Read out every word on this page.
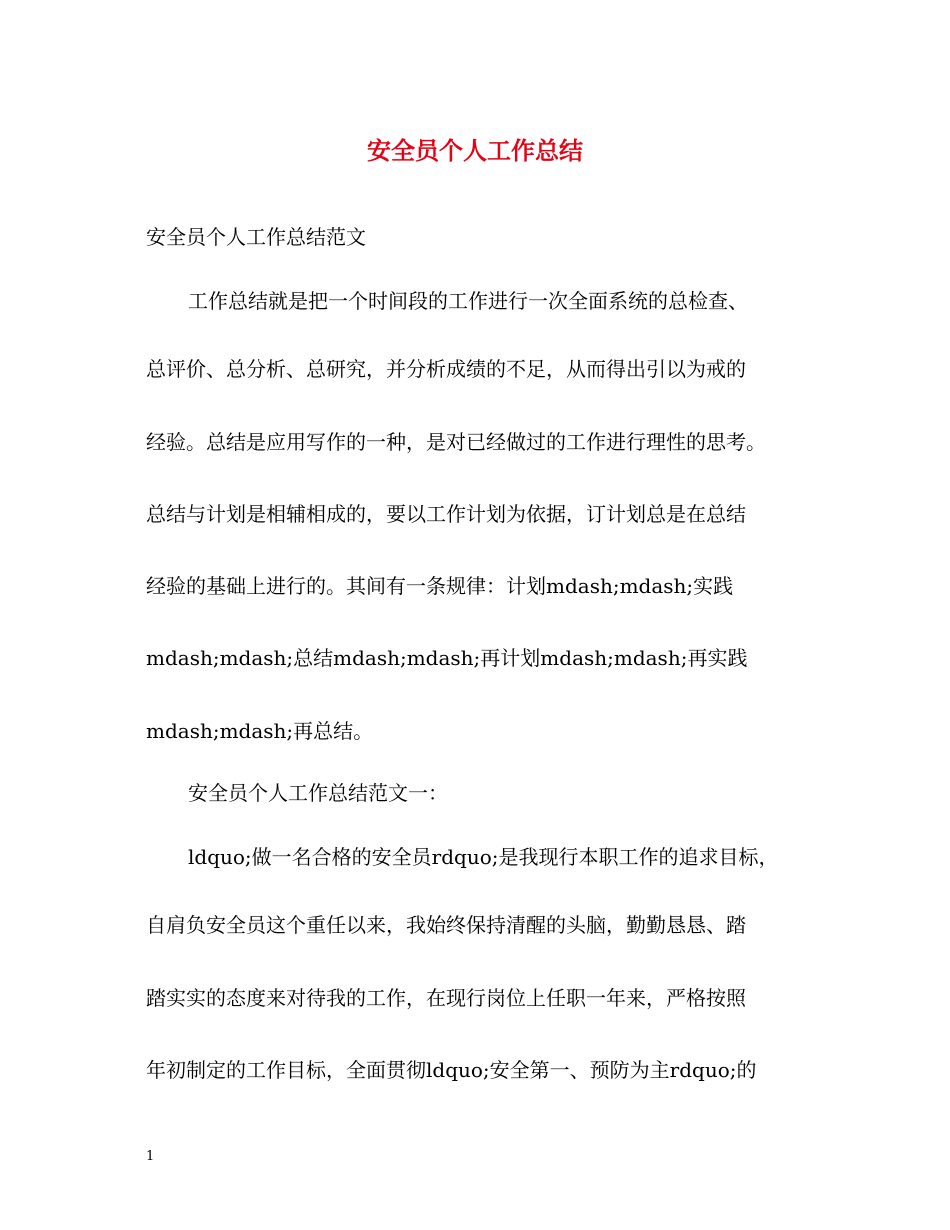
安全员个人工作总结

安全员个人工作总结范文

工作总结就是把一个时间段的工作进行一次全面系统的总检查、

总评价、总分析、总研究，并分析成绩的不足，从而得出引以为戒的

经验。总结是应用写作的一种，是对已经做过的工作进行理性的思考。

总结与计划是相辅相成的，要以工作计划为依据，订计划总是在总结

经验的基础上进行的。其间有一条规律：计划mdash;mdash;实践

mdash;mdash;总结mdash;mdash;再计划mdash;mdash;再实践

mdash;mdash;再总结。

安全员个人工作总结范文一：

ldquo;做一名合格的安全员rdquo;是我现行本职工作的追求目标，

自肩负安全员这个重任以来，我始终保持清醒的头脑，勤勤恳恳、踏

踏实实的态度来对待我的工作，在现行岗位上任职一年来，严格按照

年初制定的工作目标，全面贯彻ldquo;安全第一、预防为主rdquo;的

1
